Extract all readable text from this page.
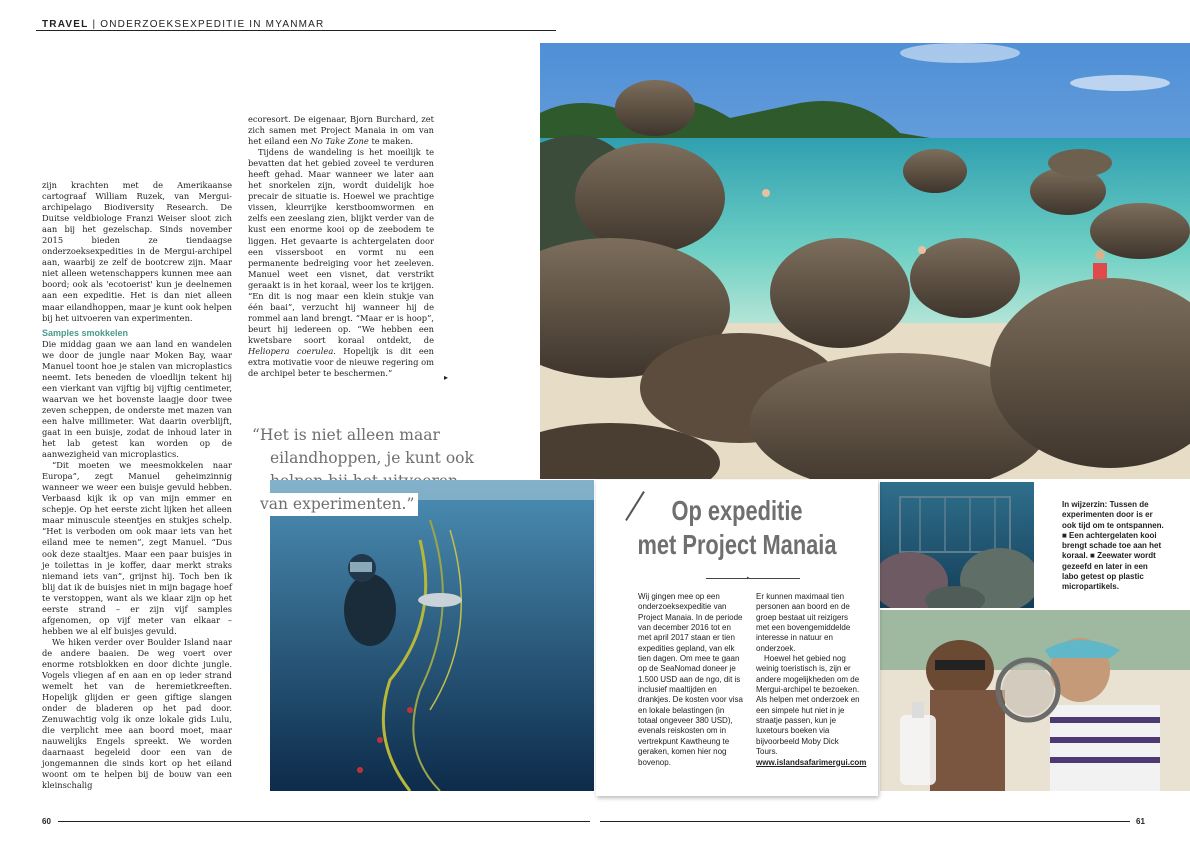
TRAVEL | ONDERZOEKSEXPEDITIE IN MYANMAR

zijn krachten met de Amerikaanse cartograaf William Ruzek, van Mergui-archipelago Biodiversity Research. De Duitse veldbiologe Franzi Weiser sloot zich aan bij het gezelschap. Sinds november 2015 bieden ze tiendaagse onderzoeksexpedities in de Mergui-archipel aan, waarbij ze zelf de bootcrew zijn. Maar niet alleen wetenschappers kunnen mee aan boord; ook als 'ecotoerist' kun je deelnemen aan een expeditie. Het is dan niet alleen maar eilandhoppen, maar je kunt ook helpen bij het uitvoeren van experimenten.

Samples smokkelen

Die middag gaan we aan land en wandelen we door de jungle naar Moken Bay, waar Manuel toont hoe je stalen van microplastics neemt. Iets beneden de vloedlijn tekent hij een vierkant van vijftig bij vijftig centimeter, waarvan we het bovenste laagje door twee zeven scheppen, de onderste met mazen van een halve millimeter. Wat daarin overblijft, gaat in een buisje, zodat de inhoud later in het lab getest kan worden op de aanwezigheid van microplastics.

“Dit moeten we meesmokkelen naar Europa”, zegt Manuel geheimzinnig wanneer we weer een buisje gevuld hebben. Verbaasd kijk ik op van mijn emmer en schepje. Op het eerste zicht lijken het alleen maar minuscule steentjes en stukjes schelp. “Het is verboden om ook maar iets van het eiland mee te nemen”, zegt Manuel. “Dus ook deze staaltjes. Maar een paar buisjes in je toilettas in je koffer, daar merkt straks niemand iets van”, grijnst hij. Toch ben ik blij dat ik de buisjes niet in mijn bagage hoef te verstoppen, want als we klaar zijn op het eerste strand – er zijn vijf samples afgenomen, op vijf meter van elkaar – hebben we al elf buisjes gevuld.

We hiken verder over Boulder Island naar de andere baaien. De weg voert over enorme rotsblokken en door dichte jungle. Vogels vliegen af en aan en op ieder strand wemelt het van de heremietkreeften. Hopelijk glijden er geen giftige slangen onder de bladeren op het pad door. Zenuwachtig volg ik onze lokale gids Lulu, die verplicht mee aan boord moet, maar nauwelijks Engels spreekt. We worden daarnaast begeleid door een van de jongemannen die sinds kort op het eiland woont om te helpen bij de bouw van een kleinschalig

ecoresort. De eigenaar, Bjorn Burchard, zet zich samen met Project Manaia in om van het eiland een No Take Zone te maken.

Tijdens de wandeling is het moeilijk te bevatten dat het gebied zoveel te verduren heeft gehad. Maar wanneer we later aan het snorkelen zijn, wordt duidelijk hoe precair de situatie is. Hoewel we prachtige vissen, kleurrijke kerstboomwormen en zelfs een zeeslang zien, blijkt verder van de kust een enorme kooi op de zeebodem te liggen. Het gevaarte is achtergelaten door een vissersboot en vormt nu een permanente bedreiging voor het zeeleven. Manuel weet een visnet, dat verstrikt geraakt is in het koraal, weer los te krijgen. “En dit is nog maar een klein stukje van één baai”, verzucht hij wanneer hij de rommel aan land brengt. “Maar er is hoop”, beurt hij iedereen op. “We hebben een kwetsbare soort koraal ontdekt, de Heliopera coerulea. Hopelijk is dit een extra motivatie voor de nieuwe regering om de archipel beter te beschermen.”	▸
“Het is niet alleen maar
eilandhoppen, je kunt ook
van experimenten.”	Op expeditie
met Project Manaia
•

Wij gingen mee op een onderzoeksexpeditie van Project Manaia. In de periode van december 2016 tot en met april 2017 staan er tien expedities gepland, van elk tien dagen. Om mee te gaan op de SeaNomad doneer je 1.500 USD aan de ngo, dit is inclusief maaltijden en drankjes. De kosten voor visa en lokale belastingen (in totaal ongeveer 380 USD), evenals reiskosten om in vertrekpunt Kawtheung te geraken, komen hier nog bovenop.

Er kunnen maximaal tien personen aan boord en de groep bestaat uit reizigers met een bovengemiddelde interesse in natuur en onderzoek.

Hoewel het gebied nog weinig toeristisch is, zijn er andere mogelijkheden om de Mergui-archipel te bezoeken. Als helpen met onderzoek en een simpele hut niet in je straatje passen, kun je luxetours boeken via bijvoorbeeld Moby Dick Tours.

www.islandsafarimergui.com

In wijzerzin: Tussen de experimenten door is er ook tijd om te ontspannen. ■ Een achtergelaten kooi brengt schade toe aan het koraal. ■ Zeewater wordt gezeefd en later in een labo getest op plastic micropartikels.
60	61
